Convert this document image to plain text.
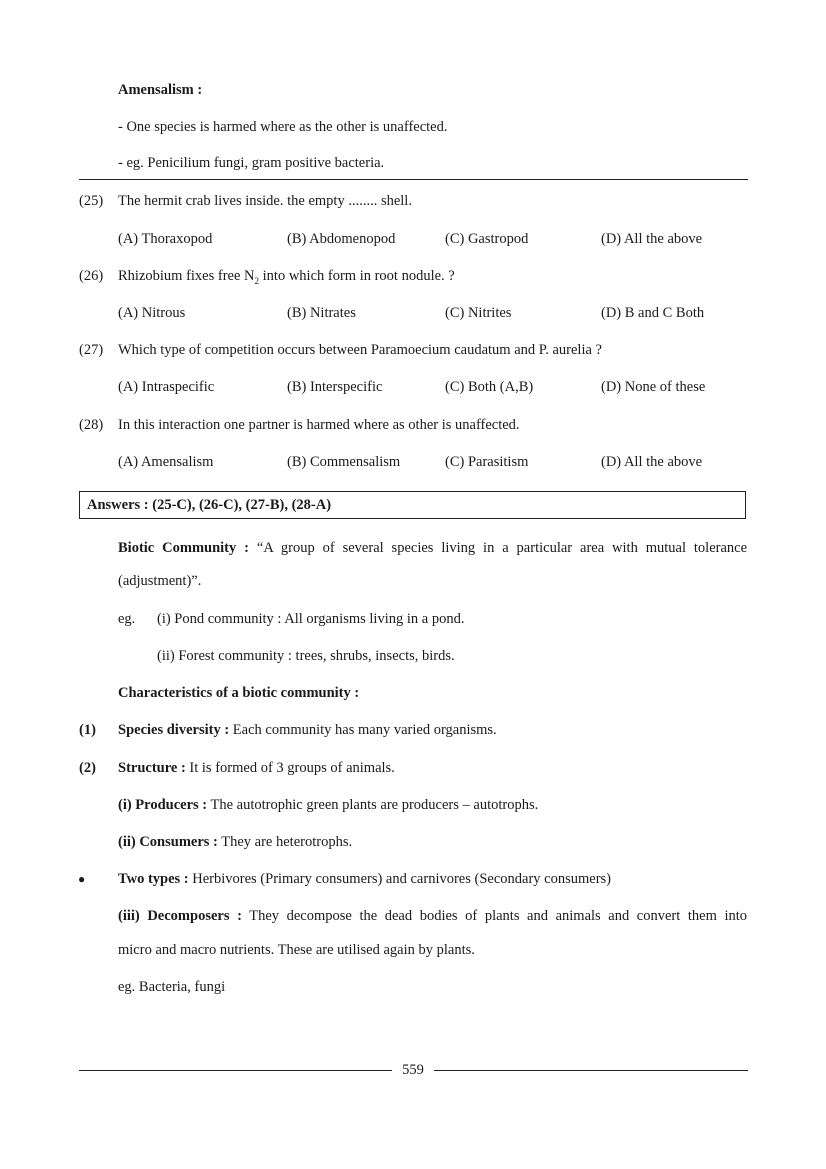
Amensalism :
- One species is harmed where as the other is unaffected.
- eg. Penicilium fungi, gram positive bacteria.
(25) The hermit crab lives inside. the empty ........ shell.
(A) Thoraxopod	(B) Abdomenopod	(C) Gastropod	(D) All the above
(26) Rhizobium fixes free $N_2$ into which form in root nodule. ?
(A) Nitrous	(B) Nitrates	(C) Nitrites	(D) B and C Both
(27) Which type of competition occurs between Paramoecium caudatum and P. aurelia ?
(A) Intraspecific	(B) Interspecific	(C) Both (A,B)	(D) None of these
(28) In this interaction one partner is harmed where as other is unaffected.
(A) Amensalism	(B) Commensalism	(C) Parasitism	(D) All the above
Answers : (25-C), (26-C), (27-B), (28-A)
Biotic Community : “A group of several species living in a particular area with mutual tolerance
(adjustment)”.
eg. (i) Pond community : All organisms living in a pond.
(ii) Forest community : trees, shrubs, insects, birds.
Characteristics of a biotic community :
(1) Species diversity : Each community has many varied organisms.
(2) Structure : It is formed of 3 groups of animals.
(i) Producers : The autotrophic green plants are producers – autotrophs.
(ii) Consumers : They are heterotrophs.
● Two types : Herbivores (Primary consumers) and carnivores (Secondary consumers)
(iii) Decomposers : They decompose the dead bodies of plants and animals and convert them into
micro and macro nutrients. These are utilised again by plants.
eg. Bacteria, fungi
559
